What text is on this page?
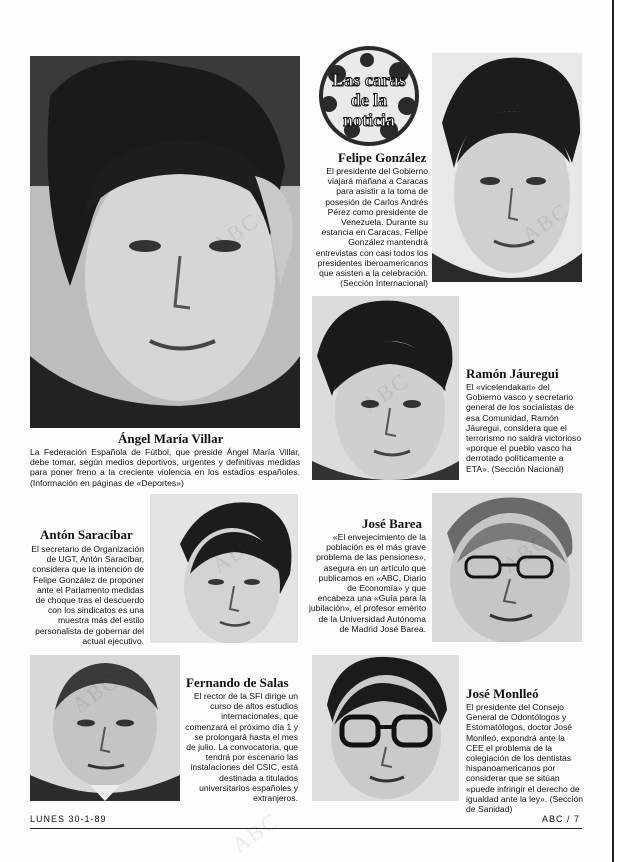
Ángel María Villar
La Federación Española de Fútbol, que preside Ángel María Villar, debe tomar, según medios deportivos, urgentes y definitivas medidas para poner freno a la creciente violencia en los estadios españoles. (Información en páginas de «Deportes»)
Las caras
de la
noticia
Felipe González
El presidente del Gobierno viajará mañana a Caracas para asistir a la toma de posesión de Carlos Andrés Pérez como presidente de Venezuela. Durante su estancia en Caracas, Felipe González mantendrá entrevistas con casi todos los presidentes iberoamericanos que asisten a la celebración. (Sección Internacional)
Ramón Jáuregui
El «vicelendakari» del Gobierno vasco y secretario general de los socialistas de esa Comunidad, Ramón Jáuregui, considera que el terrorismo no saldrá victorioso «porque el pueblo vasco ha derrotado políticamente a ETA». (Sección Nacional)
Antón Saracíbar
El secretario de Organización de UGT, Antón Saracíbar, considera que la intención de Felipe González de proponer ante el Parlamento medidas de choque tras el descuerdo con los sindicatos es una muestra más del estilo personalista de gobernar del actual ejecutivo.
José Barea
«El envejecimiento de la población es el más grave problema de las pensiones», asegura en un artículo que publicamos en «ABC, Diario de Economía» y que encabeza una «Guía para la jubilación», el profesor emérito de la Universidad Autónoma de Madrid José Barea.
Fernando de Salas
El rector de la SFI dirige un curso de altos estudios internacionales, que comenzará el próximo día 1 y se prolongará hasta el mes de julio. La convocatoria, que tendrá por escenario las instalaciones del CSIC, está destinada a titulados universitarios españoles y extranjeros.
José Monlleó
El presidente del Consejo General de Odontólogos y Estomatólogos, doctor José Monlleó, expondrá ante la CEE el problema de la colegiación de los dentistas hispanoamericanos por considerar que se sitúan «puede infringir el derecho de igualdad ante la ley». (Sección de Sanidad)
ABC
LUNES 30-1-89	ABC / 7
